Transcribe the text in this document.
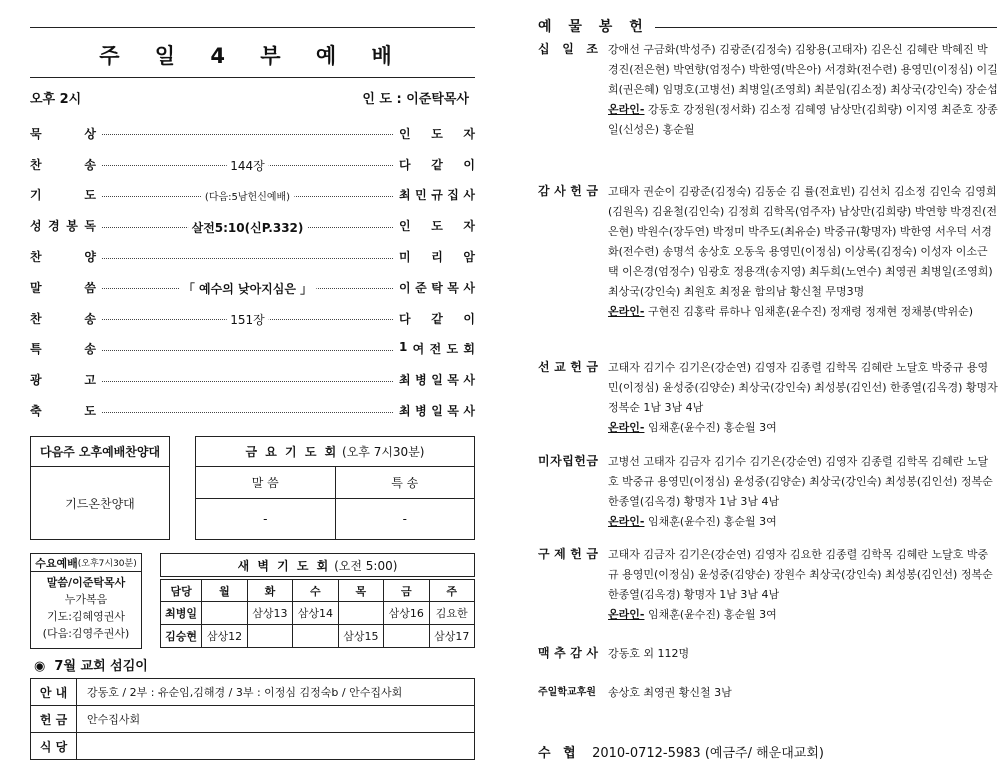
주 일 4 부 예 배
오후 2시	인 도 : 이준탁목사
묵	상	인 도 자
찬	송	144장	다 같 이
기	도	(다음:5남헌신예배)	최 민 규 집 사
성 경 봉 독	살전5:10(신P.332)	인 도 자
찬	양	미 리 암
말	씀	「 예수의 낮아지심은 」	이 준 탁 목 사
찬	송	151장	다 같 이
특	송	1 여 전 도 회
광	고	최 병 일 목 사
축	도	최 병 일 목 사
다음주 오후예배찬양대
기드온찬양대
금 요 기 도 회
(오후 7시30분)
말 씀	특 송
-	-
수요예배 (오후7시30분)
말씀/이준탁목사
누가복음
기도:김혜영권사
(다음:김영주권사)
새 벽 기 도 회
(오전 5:00)
담당	월	화	수	목	금	주
최병일		삼상13	삼상14		삼상16	김요한
김승현	삼상12			삼상15		삼상17
◉ 7월 교회 섬김이
안 내	강동호 / 2부 : 유순임,김해경 / 3부 : 이정심 김정숙b / 안수집사회
헌 금	안수집사회
식 당	
예 물 봉 헌
십 일 조 강애선 구금화(박성주) 김광준(김정숙) 김왕용(고태자) 김은신 김혜란 박혜진 박경진(전은현) 박연향(엄정수) 박한영(박은아) 서경화(전수련) 용영민(이정심) 이길희(권은혜) 임명호(고병선) 최병일(조영희) 최분임(김소정) 최상국(강인숙) 장순섭
온라인- 강동호 강정원(정서화) 김소정 김혜영 남상만(김희량) 이지영 최준호 장종일(신성은) 홍순월
감 사 헌 금 고태자 권순이 김광준(김정숙) 김동순 김 률(전효빈) 김선치 김소정 김인숙 김영희(김원옥) 김윤철(김인숙) 김정희 김학목(엄주자) 남상만(김희량) 박연향 박경진(전은현) 박원수(장두연) 박정미 박주도(최유순) 박중규(황명자) 박한영 서우덕 서경화(전수련) 송명석 송상호 오동욱 용영민(이정심) 이상록(김정숙) 이성자 이소근택 이은경(엄정수) 임광호 정용객(송지영) 최두희(노연수) 최영권 최병일(조영희) 최상국(강인숙) 최원호 최정윤 함의남 황신철 무명3명
온라인- 구현진 김홍락 류하나 임채훈(윤수진) 정재령 정재현 정채봉(박위순)
선 교 헌 금 고태자 김기수 김기은(강순연) 김영자 김종렬 김학목 김혜란 노달호 박중규 용영민(이정심) 윤성중(김양순) 최상국(강인숙) 최성봉(김인선) 한종열(김옥경) 황명자 정복순 1남 3남 4남
온라인- 임채훈(윤수진) 홍순월 3여
미 자 립 헌 금 고병선 고태자 김금자 김기수 김기은(강순연) 김영자 김종렬 김학목 김혜란 노달호 박중규 용영민(이정심) 윤성중(김양순) 최상국(강인숙) 최성봉(김인선) 정복순 한종열(김옥경) 황명자 1남 3남 4남
온라인- 임채훈(윤수진) 홍순월 3여
구 제 헌 금 고태자 김금자 김기은(강순연) 김영자 김요한 김종렬 김학목 김혜란 노달호 박중규 용영민(이정심) 윤성중(김양순) 장원수 최상국(강인숙) 최성봉(김인선) 정복순 한종열(김옥경) 황명자 1남 3남 4남
온라인- 임채훈(윤수진) 홍순월 3여
맥 추 감 사 강동호 외 112명
주일학교후원 송상호 최영권 황신철 3남
수 협 2010-0712-5983 (예금주/ 해운대교회)
